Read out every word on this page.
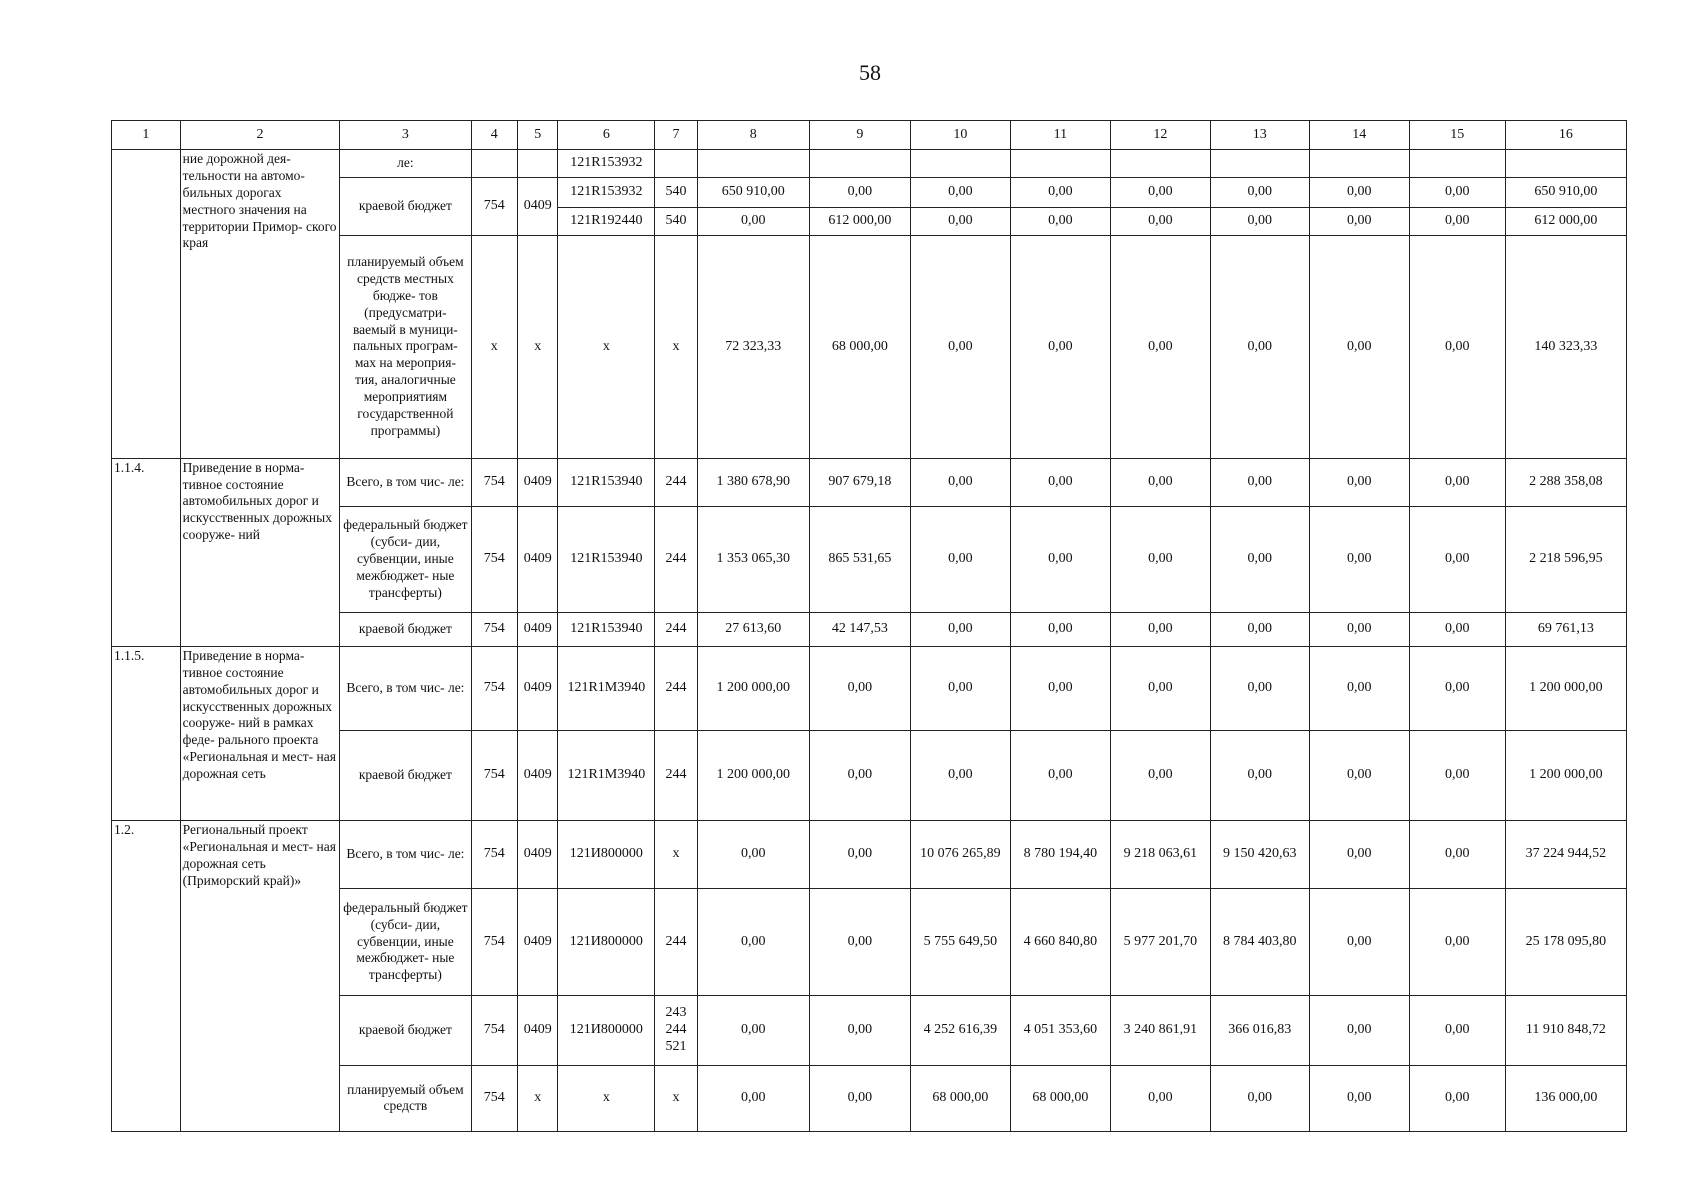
58
1	2	3	4	5	6	7	8	9	10	11	12	13	14	15	16
	ние дорожной дея- тельности на автомо- бильных дорогах местного значения на территории Примор- ского края	ле:			121R153932										
		краевой бюджет	754	0409	121R153932	540	650 910,00	0,00	0,00	0,00	0,00	0,00	0,00	0,00	650 910,00
					121R192440	540	0,00	612 000,00	0,00	0,00	0,00	0,00	0,00	0,00	612 000,00
		планируемый объем средств местных бюдже- тов (предусматри- ваемый в муници- пальных програм- мах на мероприя- тия, аналогичные мероприятиям государственной программы)	x	x	x	x	72 323,33	68 000,00	0,00	0,00	0,00	0,00	0,00	0,00	140 323,33
1.1.4.	Приведение в норма- тивное состояние автомобильных дорог и искусственных дорожных сооруже- ний	Всего, в том чис- ле:	754	0409	121R153940	244	1 380 678,90	907 679,18	0,00	0,00	0,00	0,00	0,00	0,00	2 288 358,08
		федеральный бюджет (субси- дии, субвенции, иные межбюджет- ные трансферты)	754	0409	121R153940	244	1 353 065,30	865 531,65	0,00	0,00	0,00	0,00	0,00	0,00	2 218 596,95
		краевой бюджет	754	0409	121R153940	244	27 613,60	42 147,53	0,00	0,00	0,00	0,00	0,00	0,00	69 761,13
1.1.5.	Приведение в норма- тивное состояние автомобильных дорог и искусственных дорожных сооруже- ний в рамках феде- рального проекта «Региональная и мест- ная дорожная сеть	Всего, в том чис- ле:	754	0409	121R1M3940	244	1 200 000,00	0,00	0,00	0,00	0,00	0,00	0,00	0,00	1 200 000,00
		краевой бюджет	754	0409	121R1M3940	244	1 200 000,00	0,00	0,00	0,00	0,00	0,00	0,00	0,00	1 200 000,00
1.2.	Региональный проект «Региональная и мест- ная дорожная сеть (Приморский край)»	Всего, в том чис- ле:	754	0409	121И800000	x	0,00	0,00	10 076 265,89	8 780 194,40	9 218 063,61	9 150 420,63	0,00	0,00	37 224 944,52
		федеральный бюджет (субси- дии, субвенции, иные межбюджет- ные трансферты)	754	0409	121И800000	244	0,00	0,00	5 755 649,50	4 660 840,80	5 977 201,70	8 784 403,80	0,00	0,00	25 178 095,80
		краевой бюджет	754	0409	121И800000	243 244 521	0,00	0,00	4 252 616,39	4 051 353,60	3 240 861,91	366 016,83	0,00	0,00	11 910 848,72
		планируемый объем средств	754	x	x	x	0,00	0,00	68 000,00	68 000,00	0,00	0,00	0,00	0,00	136 000,00
